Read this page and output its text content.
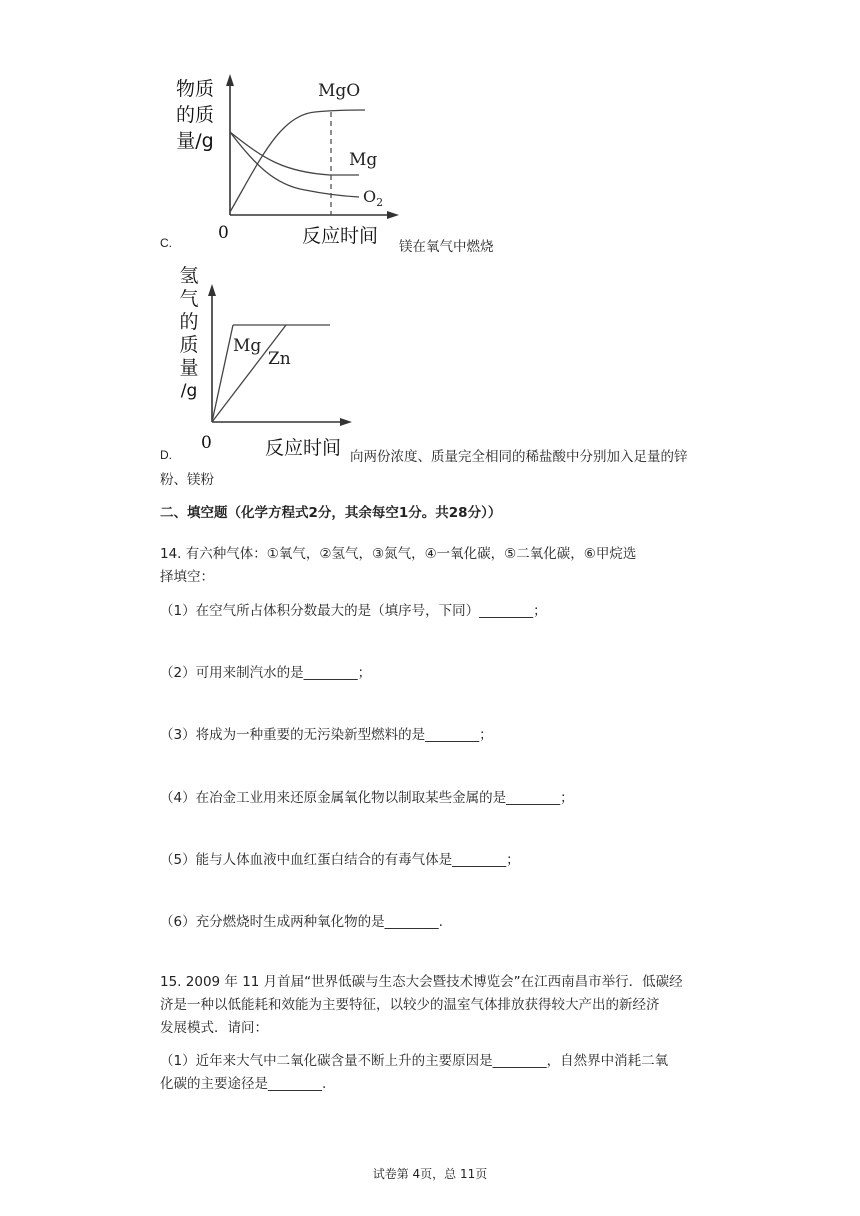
物质
的质
量/g
MgO
Mg
$O_2$
C.	0	反应时间 镁在氧气中燃烧
氢
气
的
质
量
/g
Mg
Zn
D.
0	反应时间 向两份浓度、质量完全相同的稀盐酸中分别加入足量的锌
粉、镁粉
二、填空题（化学方程式2分，其余每空1分。共28分））
14. 有六种气体：①氧气，②氢气，③氮气，④一氧化碳，⑤二氧化碳，⑥甲烷选
择填空：
（1）在空气所占体积分数最大的是（填序号，下同）________；
（2）可用来制汽水的是________；
（3）将成为一种重要的无污染新型燃料的是________；
（4）在冶金工业用来还原金属氧化物以制取某些金属的是________；
（5）能与人体血液中血红蛋白结合的有毒气体是________；
（6）充分燃烧时生成两种氧化物的是________.
15. 2009 年 11 月首届“世界低碳与生态大会暨技术博览会”在江西南昌市举行．低碳经
济是一种以低能耗和效能为主要特征，以较少的温室气体排放获得较大产出的新经济
发展模式．请问：
（1）近年来大气中二氧化碳含量不断上升的主要原因是________，自然界中消耗二氧
化碳的主要途径是________.
试卷第 4页，总 11页
